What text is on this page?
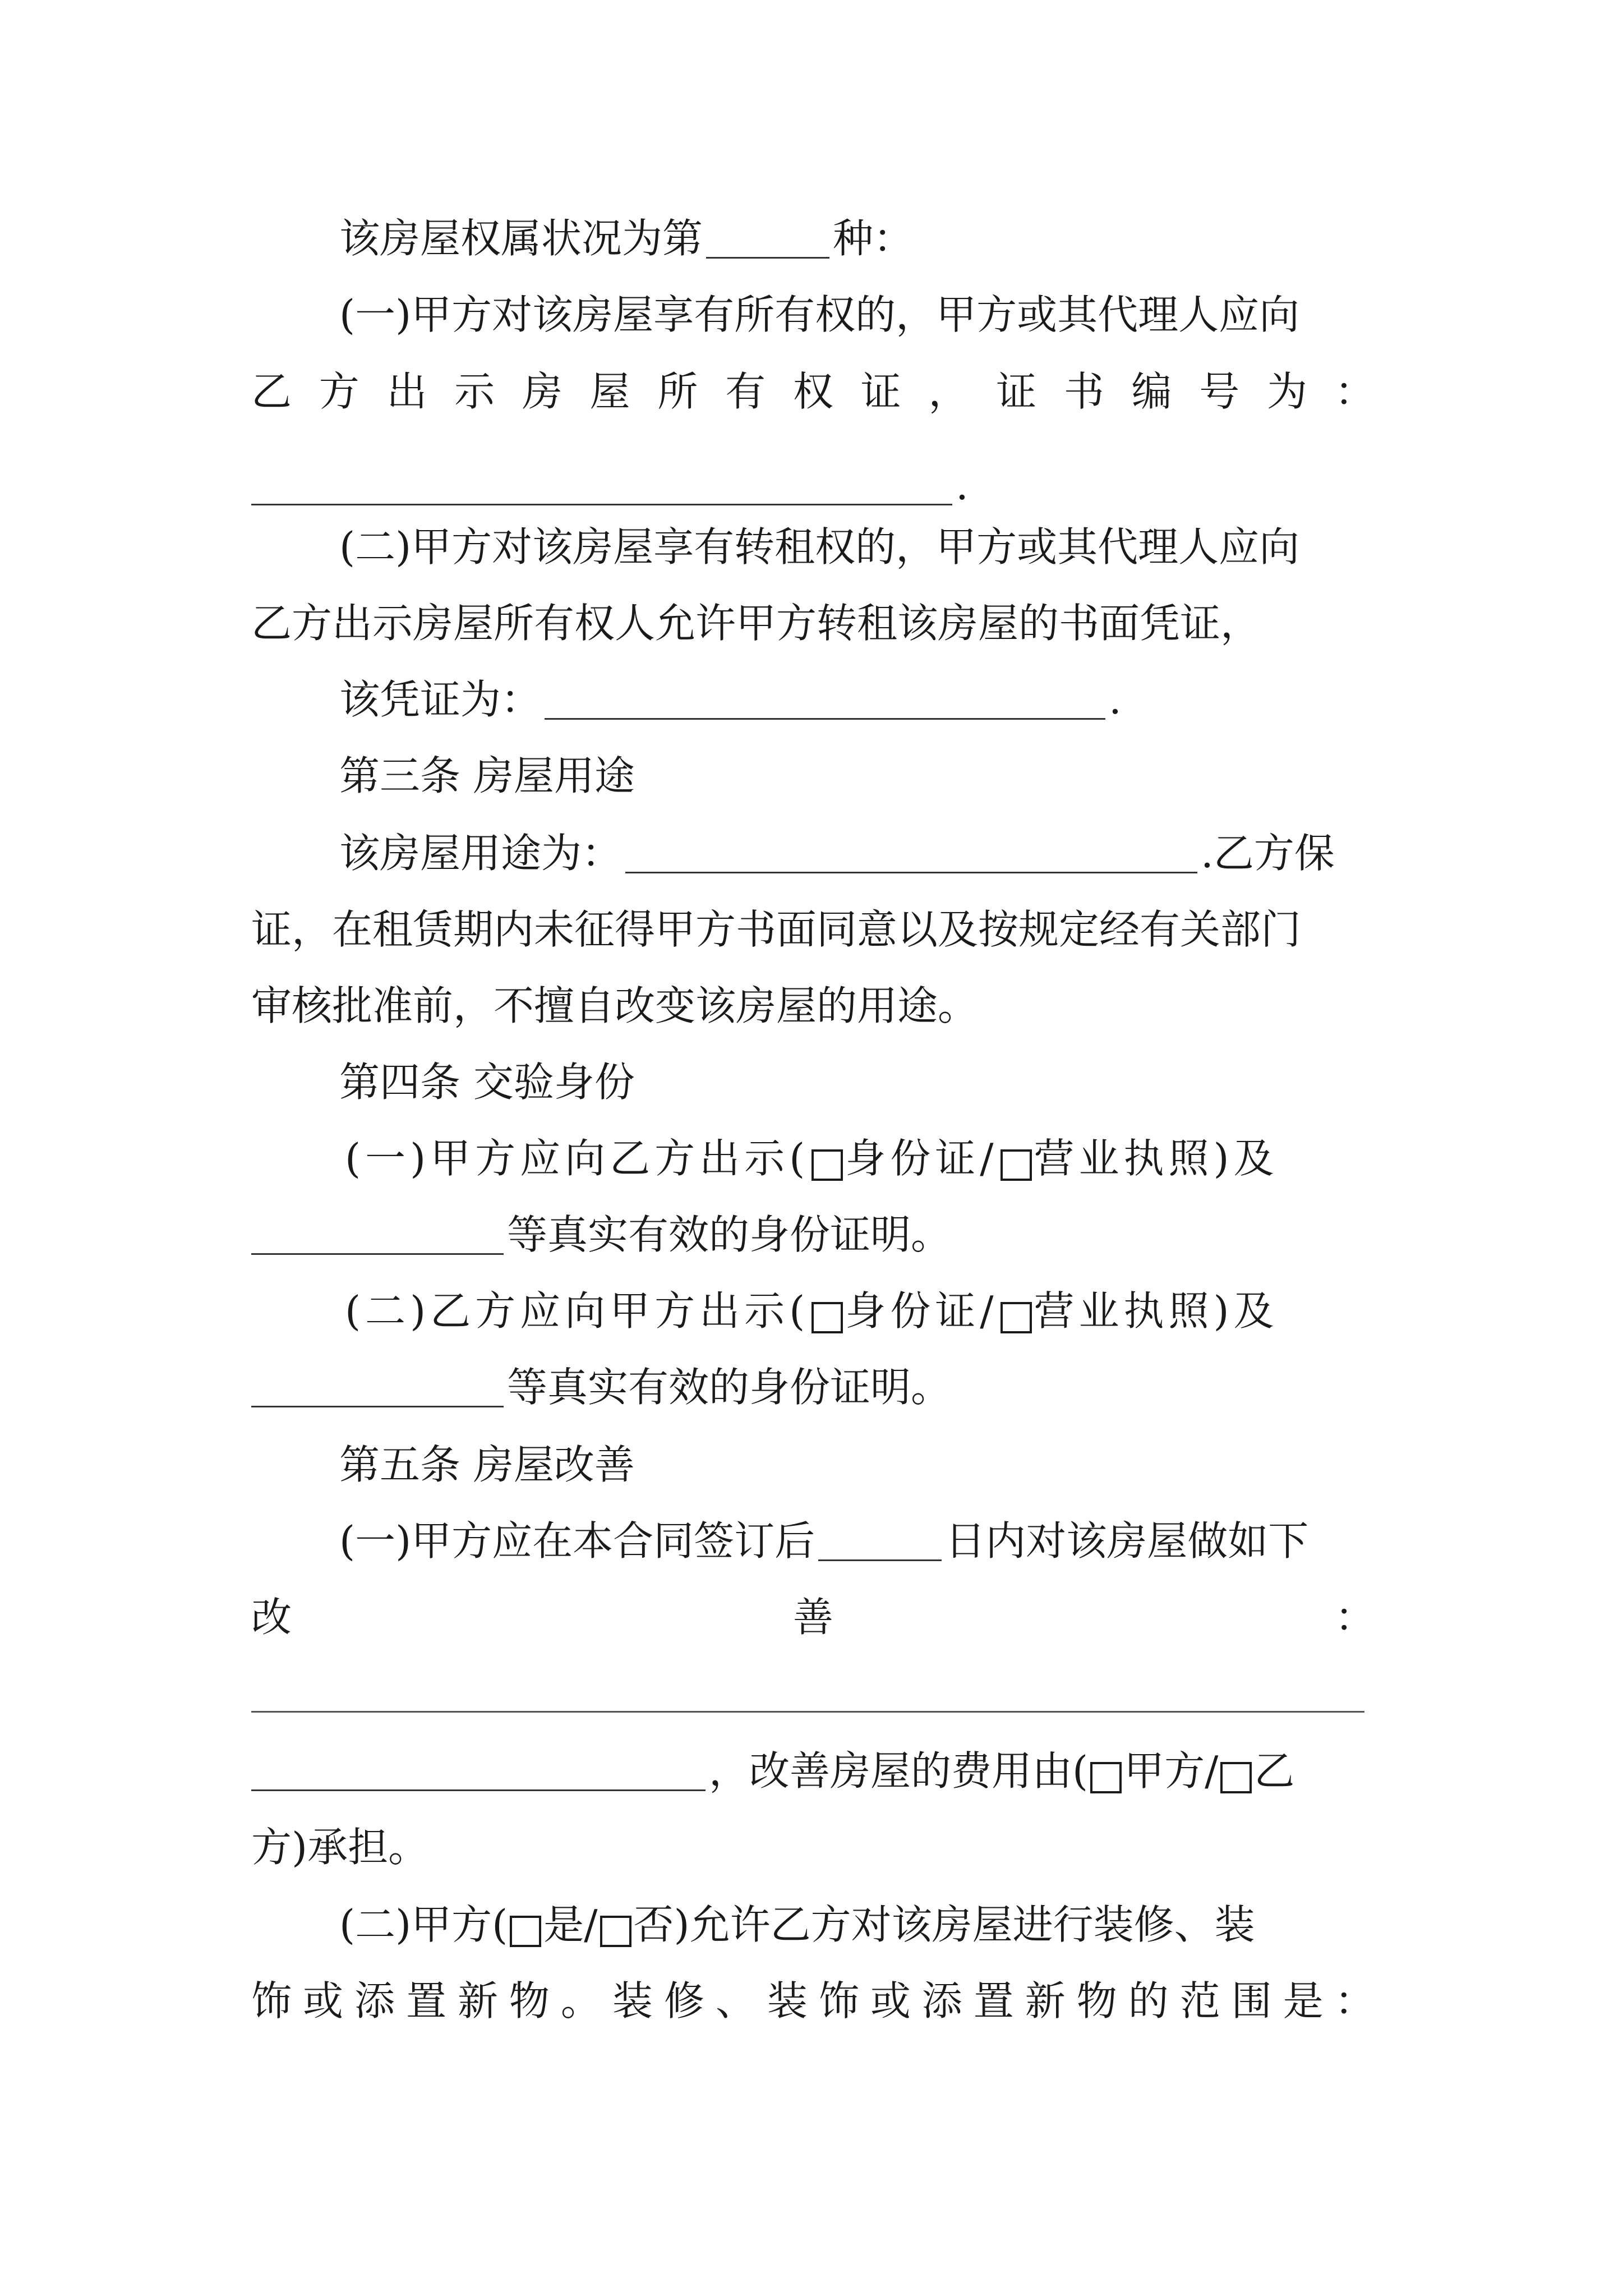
该房屋权属状况为第	种：
(一)甲方对该房屋享有所有权的，甲方或其代理人应向
乙 方 出 示 房 屋 所 有 权 证 ， 证 书 编 号 为 ：
.
(二)甲方对该房屋享有转租权的，甲方或其代理人应向
乙方出示房屋所有权人允许甲方转租该房屋的书面凭证，
该凭证为：	.
第三条 房屋用途
该房屋用途为：	.乙方保
证，在租赁期内未征得甲方书面同意以及按规定经有关部门
审核批准前，不擅自改变该房屋的用途。
第四条 交验身份
(一)甲方应向乙方出示( 身份证/ 营业执照)及
等真实有效的身份证明。
(二)乙方应向甲方出示( 身份证/ 营业执照)及
等真实有效的身份证明。
第五条 房屋改善
(一)甲方应在本合同签订后	日内对该房屋做如下
改	善	：
，改善房屋的费用由( 甲方/ 乙
方)承担。
(二)甲方( 是/ 否)允许乙方对该房屋进行装修、装
饰 或 添 置 新 物 。 装 修 、 装 饰 或 添 置 新 物 的 范 围 是 ：
